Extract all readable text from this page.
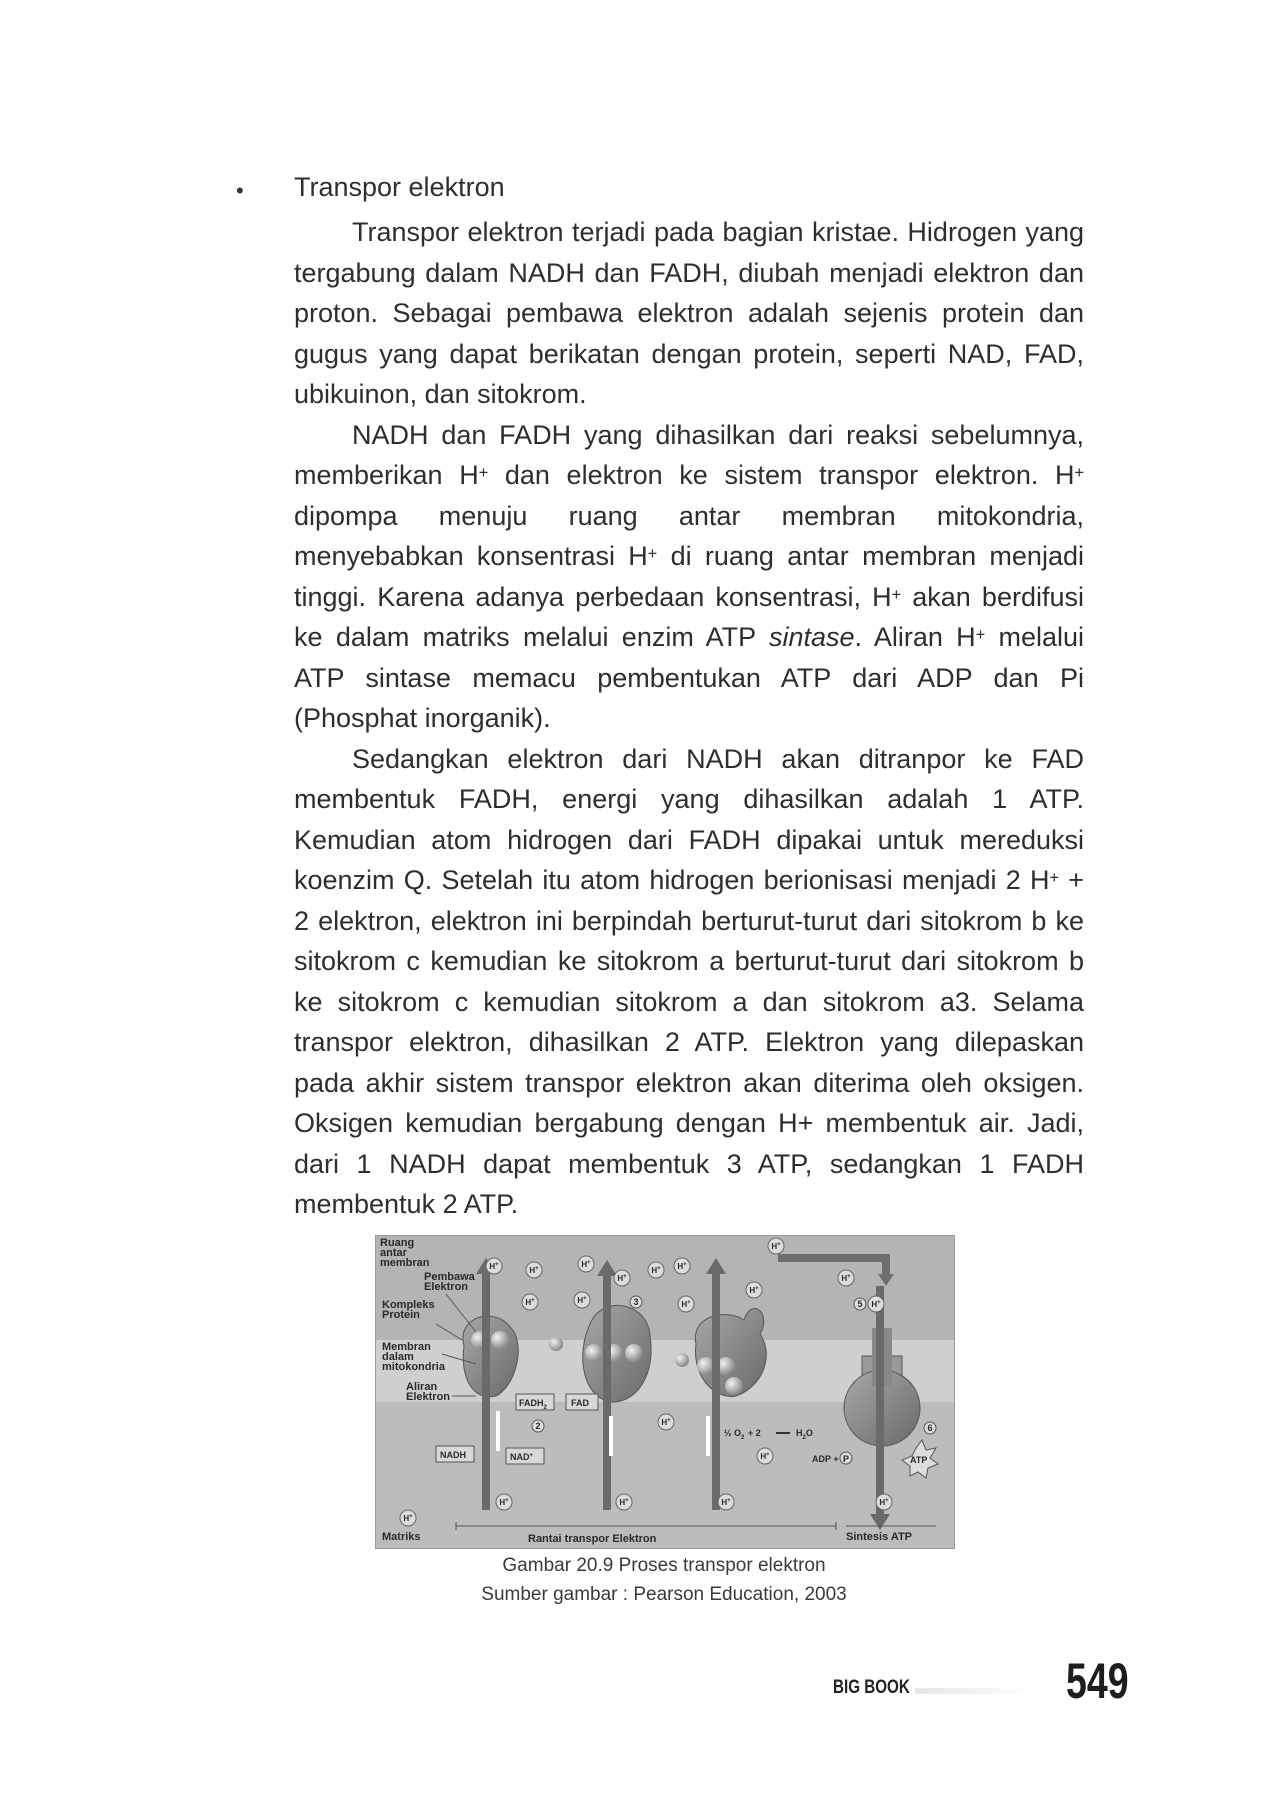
• Transpor elektron

Transpor elektron terjadi pada bagian kristae. Hidrogen yang tergabung dalam NADH dan FADH, diubah menjadi elektron dan proton. Sebagai pembawa elektron adalah sejenis protein dan gugus yang dapat berikatan dengan protein, seperti NAD, FAD, ubikuinon, dan sitokrom.

NADH dan FADH yang dihasilkan dari reaksi sebelumnya, memberikan H+ dan elektron ke sistem transpor elektron. H+ dipompa menuju ruang antar membran mitokondria, menyebabkan konsentrasi H+ di ruang antar membran menjadi tinggi. Karena adanya perbedaan konsentrasi, H+ akan berdifusi ke dalam matriks melalui enzim ATP sintase. Aliran H+ melalui ATP sintase memacu pembentukan ATP dari ADP dan Pi (Phosphat inorganik).

Sedangkan elektron dari NADH akan ditranpor ke FAD membentuk FADH, energi yang dihasilkan adalah 1 ATP. Kemudian atom hidrogen dari FADH dipakai untuk mereduksi koenzim Q. Setelah itu atom hidrogen berionisasi menjadi 2 H+ + 2 elektron, elektron ini berpindah berturut-turut dari sitokrom b ke sitokrom c kemudian ke sitokrom a berturut-turut dari sitokrom b ke sitokrom c kemudian sitokrom a dan sitokrom a3. Selama transpor elektron, dihasilkan 2 ATP. Elektron yang dilepaskan pada akhir sistem transpor elektron akan diterima oleh oksigen. Oksigen kemudian bergabung dengan H+ membentuk air. Jadi, dari 1 NADH dapat membentuk 3 ATP, sedangkan 1 FADH membentuk 2 ATP.

H+
H+	H+
H+
H+ H+
H+
H+
H+	H+
H+
H+
H+
H+
H+	H+	H+	H+
H+
H+
Ruang
antar
membran
Pembawa
Elektron
Kompleks
Protein
Membran
dalam
mitokondria
Aliran
Elektron
Matriks	Rantai transpor Elektron	Sintesis ATP
$FADH_2$	FAD
NADH	NAD+	ADP + P	ATP
½ $O_2 + 2$	$H_2O$
2
3	5
6
Gambar 20.9 Proses transpor elektron
Sumber gambar : Pearson Education, 2003
BIG BOOK	549
